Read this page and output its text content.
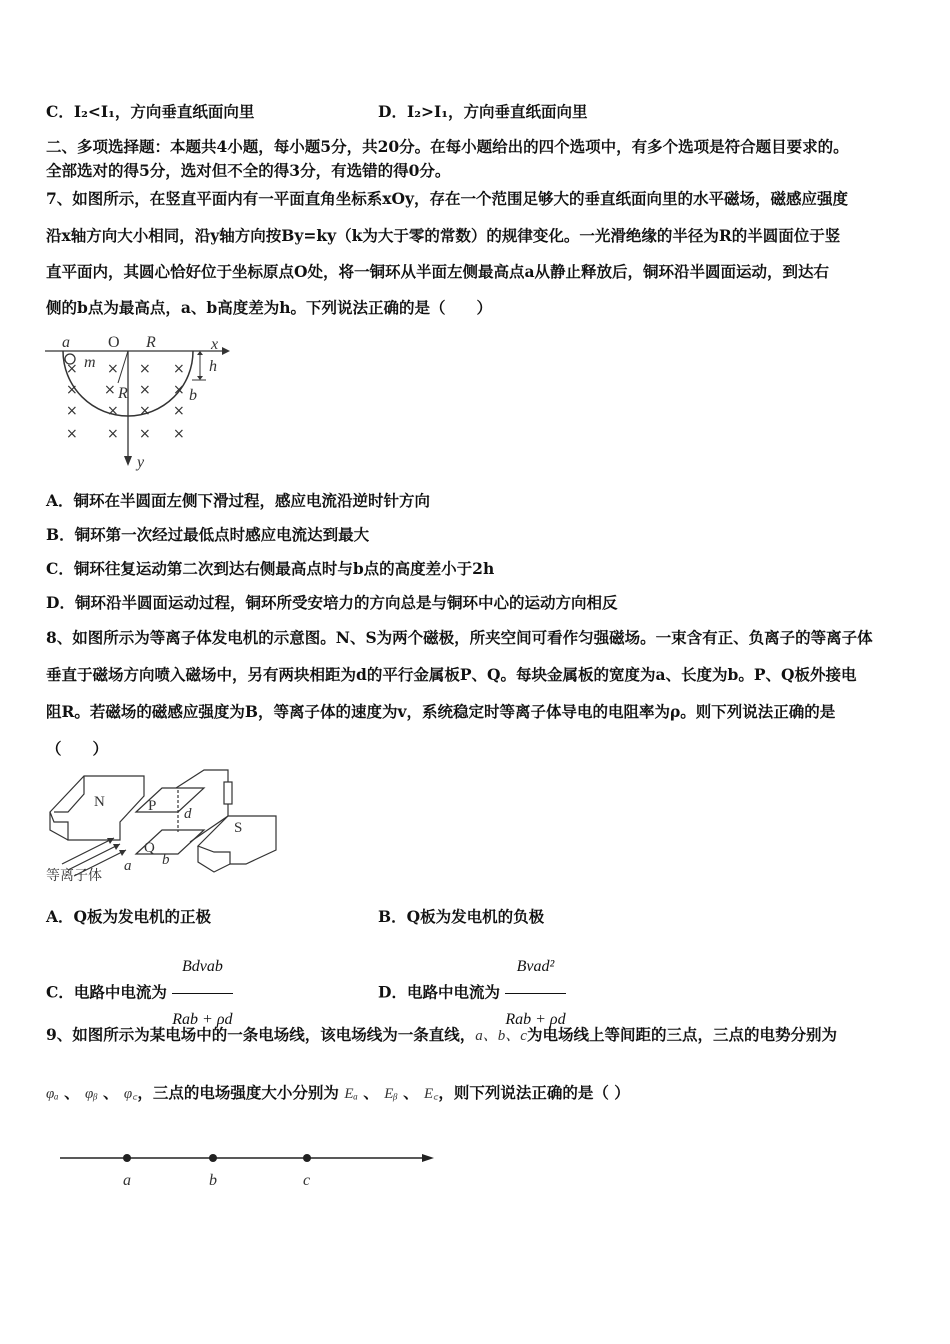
C．I₂<I₁，方向垂直纸面向里	D．I₂>I₁，方向垂直纸面向里
二、多项选择题：本题共4小题，每小题5分，共20分。在每小题给出的四个选项中，有多个选项是符合题目要求的。
全部选对的得5分，选对但不全的得3分，有选错的得0分。
7、如图所示，在竖直平面内有一平面直角坐标系xOy，存在一个范围足够大的垂直纸面向里的水平磁场，磁感应强度
沿x轴方向大小相同，沿y轴方向按By=ky（k为大于零的常数）的规律变化。一光滑绝缘的半径为R的半圆面位于竖
直平面内，其圆心恰好位于坐标原点O处，将一铜环从半面左侧最高点a从静止释放后，铜环沿半圆面运动，到达右
侧的b点为最高点，a、b高度差为h。下列说法正确的是（　　）
a O R	x
m
R
h
b
y
× × × ×
× × × ×
× × × ×
× × × ×
A．铜环在半圆面左侧下滑过程，感应电流沿逆时针方向
B．铜环第一次经过最低点时感应电流达到最大
C．铜环往复运动第二次到达右侧最高点时与b点的高度差小于2h
D．铜环沿半圆面运动过程，铜环所受安培力的方向总是与铜环中心的运动方向相反
8、如图所示为等离子体发电机的示意图。N、S为两个磁极，所夹空间可看作匀强磁场。一束含有正、负离子的等离子体
垂直于磁场方向喷入磁场中，另有两块相距为d的平行金属板P、Q。每块金属板的宽度为a、长度为b。P、Q板外接电
阻R。若磁场的磁感应强度为B，等离子体的速度为v，系统稳定时等离子体导电的电阻率为ρ。则下列说法正确的是
（　　）
N	P d
S
Q
a b
等离子体
A．Q板为发电机的正极	B．Q板为发电机的负极
C．电路中电流为 $\frac{\text{Bdvab}}{\text{Rab + ρd}}$	D．电路中电流为 $\frac{\text{Bvad²}}{\text{Rab + ρd}}$
9、如图所示为某电场中的一条电场线，该电场线为一条直线，a、b、c为电场线上等间距的三点，三点的电势分别为
φₐ 、 φᵦ 、 φ꜀，三点的电场强度大小分别为 Eₐ 、 Eᵦ 、 E꜀，则下列说法正确的是（ ）
a	b	c
